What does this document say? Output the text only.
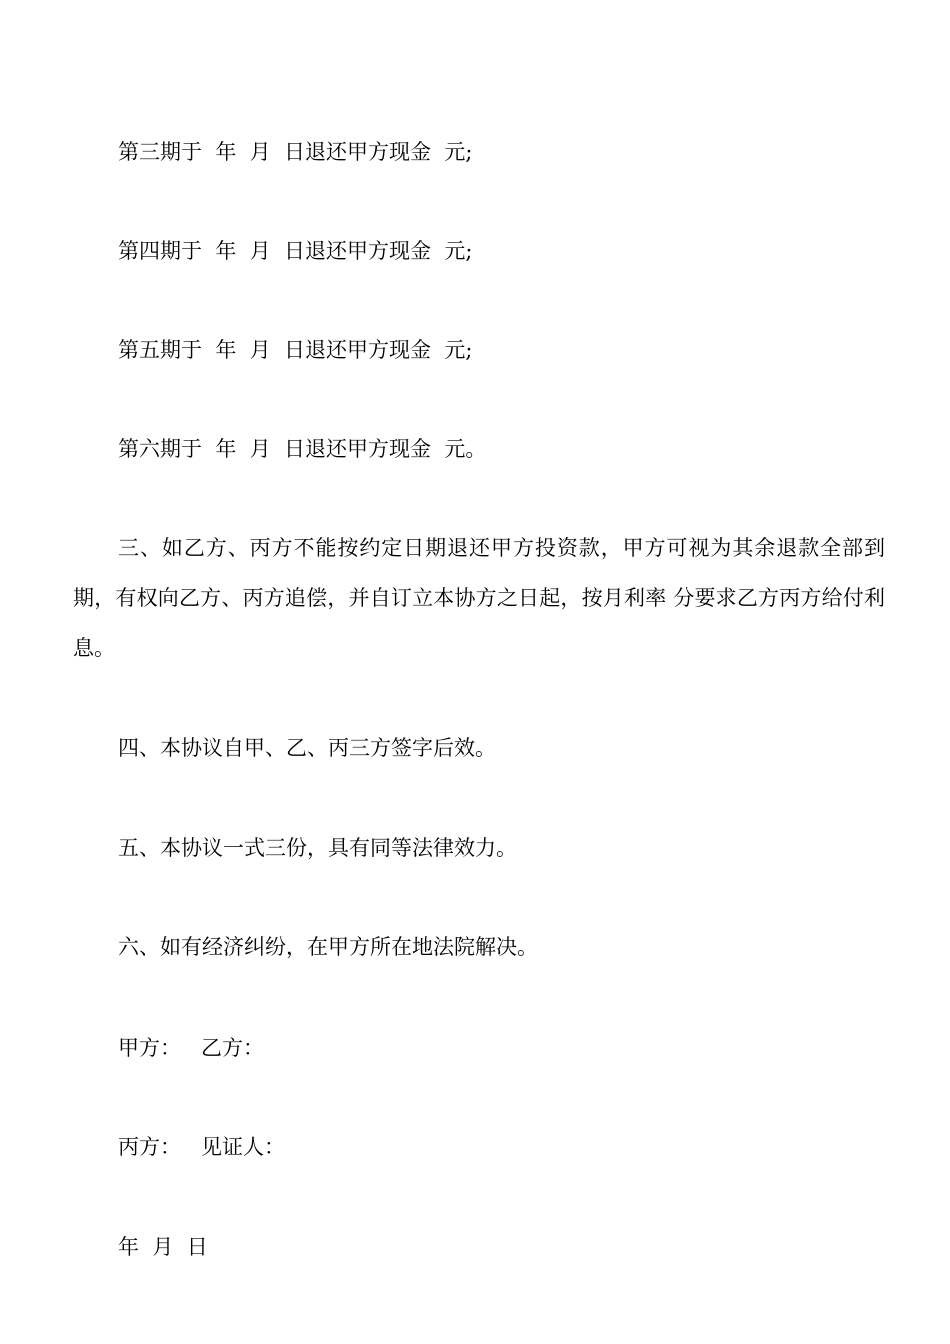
第三期于  年  月  日退还甲方现金  元;

第四期于  年  月  日退还甲方现金  元;

第五期于  年  月  日退还甲方现金  元;

第六期于  年  月  日退还甲方现金  元。

三、如乙方、丙方不能按约定日期退还甲方投资款，甲方可视为其余退款全部到期，有权向乙方、丙方追偿，并自订立本协方之日起，按月利率 分要求乙方丙方给付利息。

四、本协议自甲、乙、丙三方签字后效。

五、本协议一式三份，具有同等法律效力。

六、如有经济纠纷，在甲方所在地法院解决。

甲方：   乙方：

丙方：   见证人：

年  月  日
